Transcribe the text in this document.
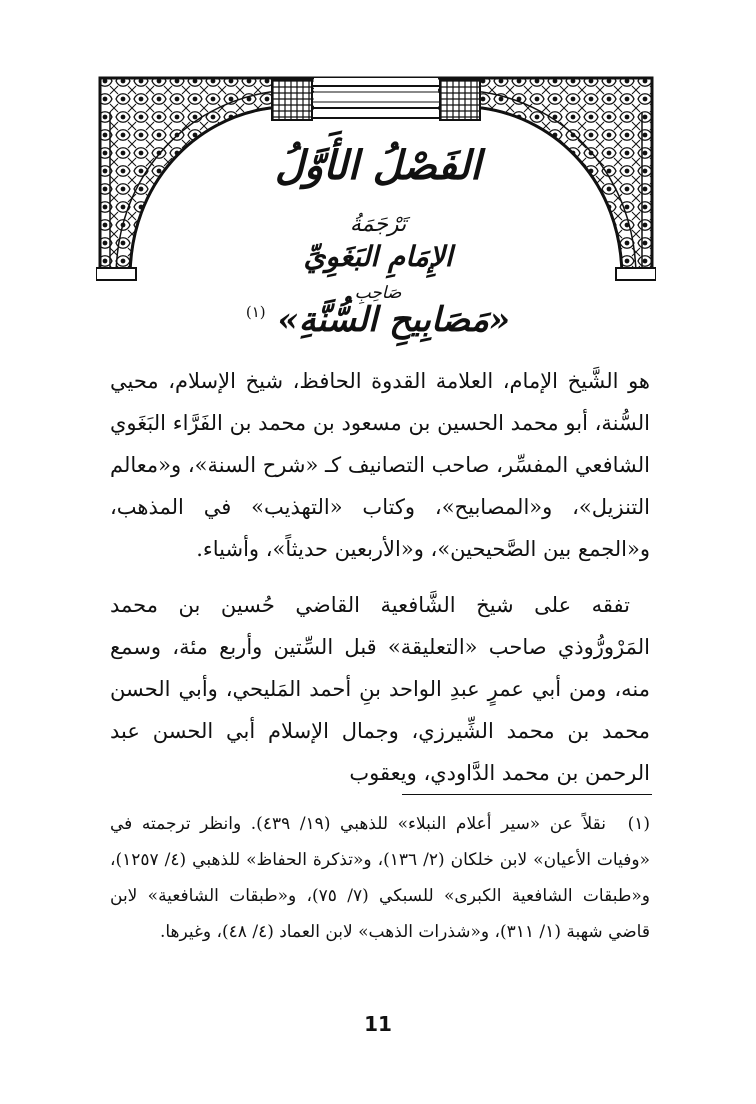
الفَصْلُ الأَوَّلُ
تَرْجَمَةُ
الإِمَامِ البَغَوِيِّ
صَاحِبِ
«مَصَابِيحِ السُّنَّةِ» $^{(١)}$

هو الشَّيخ الإمام، العلامة القدوة الحافظ، شيخ الإسلام، محيي السُّنة، أبو محمد الحسين بن مسعود بن محمد بن الفَرَّاء البَغَوي الشافعي المفسِّر، صاحب التصانيف كـ «شرح السنة»، و«معالم التنزيل»، و«المصابيح»، وكتاب «التهذيب» في المذهب، و«الجمع بين الصَّحيحين»، و«الأربعين حديثاً»، وأشياء.

تفقه على شيخ الشَّافعية القاضي حُسين بن محمد المَرْورُّوذي صاحب «التعليقة» قبل السِّتين وأربع مئة، وسمع منه، ومن أبي عمرٍ عبدِ الواحد بنِ أحمد المَليحي، وأبي الحسن محمد بن محمد الشِّيرزي، وجمال الإسلام أبي الحسن عبد الرحمن بن محمد الدَّاودي، ويعقوب

(١) نقلاً عن «سير أعلام النبلاء» للذهبي (١٩/ ٤٣٩). وانظر ترجمته في «وفيات الأعيان» لابن خلكان (٢/ ١٣٦)، و«تذكرة الحفاظ» للذهبي (٤/ ١٢٥٧)، و«طبقات الشافعية الكبرى» للسبكي (٧/ ٧٥)، و«طبقات الشافعية» لابن قاضي شهبة (١/ ٣١١)، و«شذرات الذهب» لابن العماد (٤/ ٤٨)، وغيرها.
11
